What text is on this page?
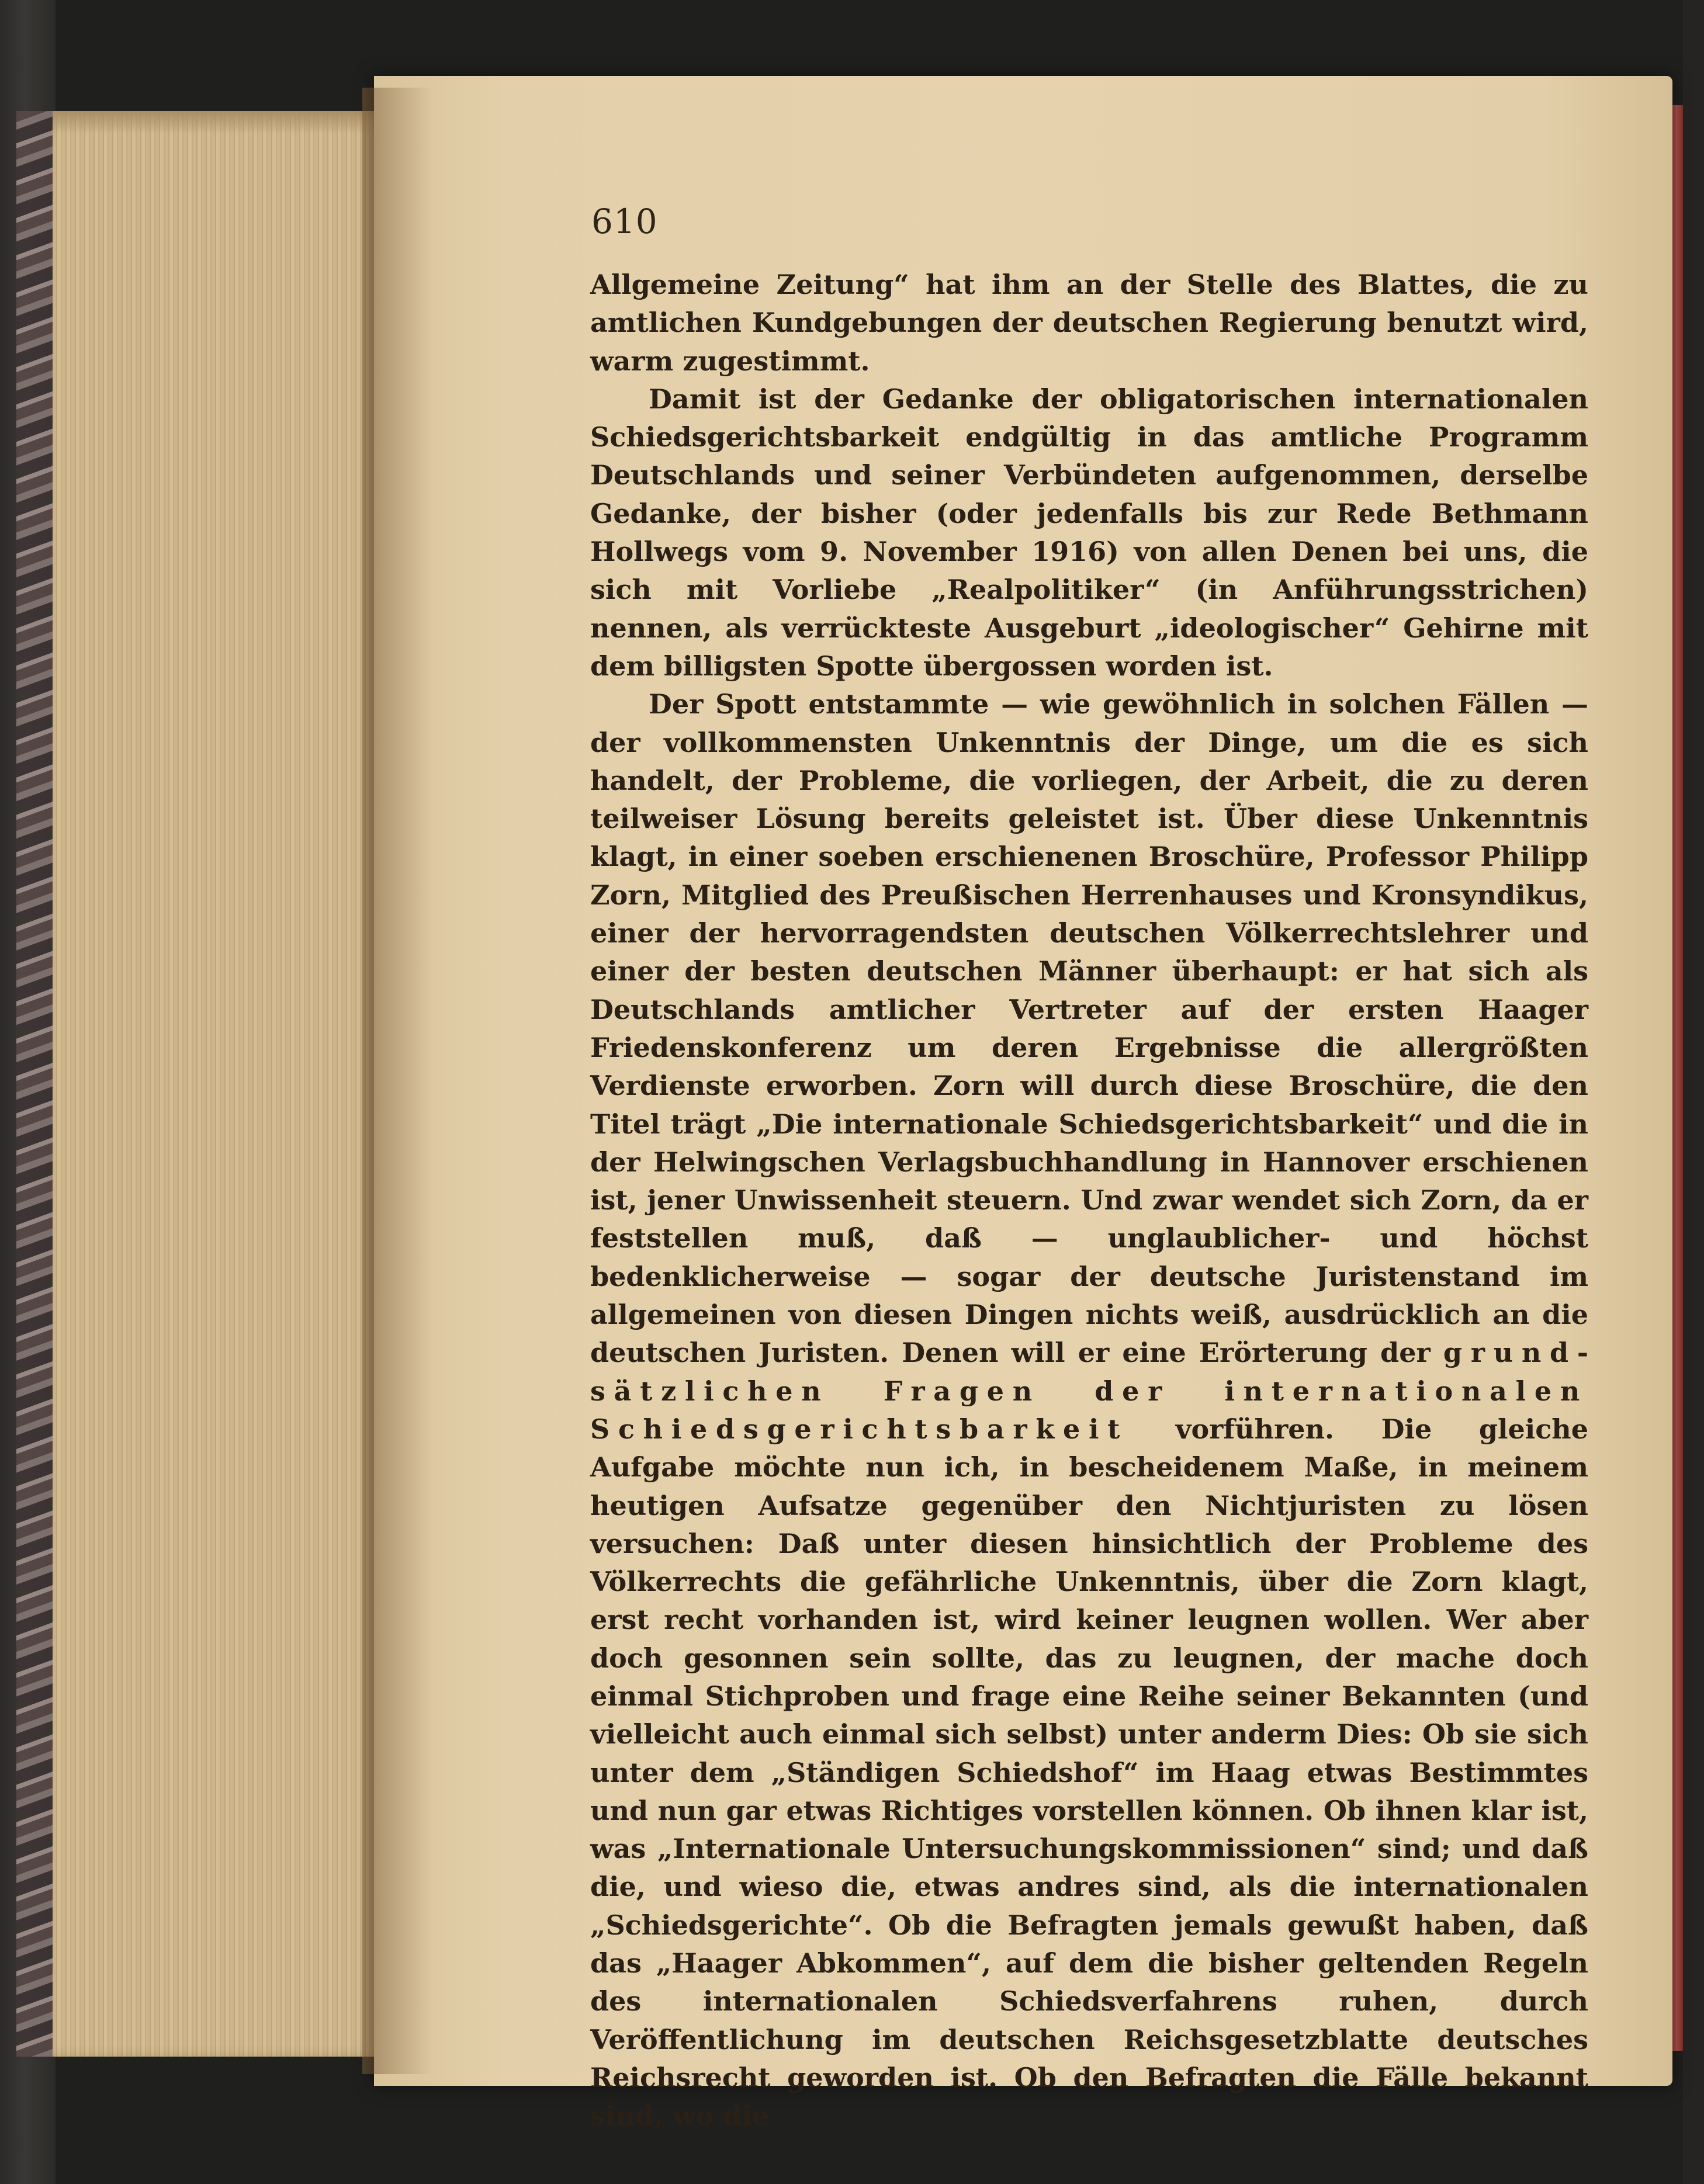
610

Allgemeine Zeitung“ hat ihm an der Stelle des Blattes, die zu amtlichen Kundgebungen der deutschen Regierung benutzt wird, warm zugestimmt.

Damit ist der Gedanke der obligatorischen internationalen Schiedsgerichtsbarkeit endgültig in das amtliche Programm Deutschlands und seiner Verbündeten aufgenommen, derselbe Gedanke, der bisher (oder jedenfalls bis zur Rede Bethmann Hollwegs vom 9. November 1916) von allen Denen bei uns, die sich mit Vorliebe „Realpolitiker“ (in Anführungsstrichen) nennen, als verrückteste Ausgeburt „ideologischer“ Gehirne mit dem billigsten Spotte übergossen worden ist.

Der Spott entstammte — wie gewöhnlich in solchen Fällen — der vollkommensten Unkenntnis der Dinge, um die es sich handelt, der Probleme, die vorliegen, der Arbeit, die zu deren teilweiser Lösung bereits geleistet ist. Über diese Unkenntnis klagt, in einer soeben erschienenen Broschüre, Professor Philipp Zorn, Mitglied des Preußischen Herrenhauses und Kronsyndikus, einer der hervorragendsten deutschen Völkerrechtslehrer und einer der besten deutschen Männer überhaupt: er hat sich als Deutschlands amtlicher Vertreter auf der ersten Haager Friedenskonferenz um deren Ergebnisse die allergrößten Verdienste erworben. Zorn will durch diese Broschüre, die den Titel trägt „Die internationale Schiedsgerichtsbarkeit“ und die in der Helwingschen Verlagsbuchhandlung in Hannover erschienen ist, jener Unwissenheit steuern. Und zwar wendet sich Zorn, da er feststellen muß, daß — unglaublicher- und höchst bedenklicherweise — sogar der deutsche Juristenstand im allgemeinen von diesen Dingen nichts weiß, ausdrücklich an die deutschen Juristen. Denen will er eine Erörterung der grundsätzlichen Fragen der internationalen Schiedsgerichtsbarkeit vorführen. Die gleiche Aufgabe möchte nun ich, in bescheidenem Maße, in meinem heutigen Aufsatze gegenüber den Nichtjuristen zu lösen versuchen: Daß unter diesen hinsichtlich der Probleme des Völkerrechts die gefährliche Unkenntnis, über die Zorn klagt, erst recht vorhanden ist, wird keiner leugnen wollen. Wer aber doch gesonnen sein sollte, das zu leugnen, der mache doch einmal Stichproben und frage eine Reihe seiner Bekannten (und vielleicht auch einmal sich selbst) unter anderm Dies: Ob sie sich unter dem „Ständigen Schiedshof“ im Haag etwas Bestimmtes und nun gar etwas Richtiges vorstellen können. Ob ihnen klar ist, was „Internationale Untersuchungskommissionen“ sind; und daß die, und wieso die, etwas andres sind, als die internationalen „Schiedsgerichte“. Ob die Befragten jemals gewußt haben, daß das „Haager Abkommen“, auf dem die bisher geltenden Regeln des internationalen Schiedsverfahrens ruhen, durch Veröffentlichung im deutschen Reichsgesetzblatte deutsches Reichsrecht geworden ist. Ob den Befragten die Fälle bekannt sind, wo die
